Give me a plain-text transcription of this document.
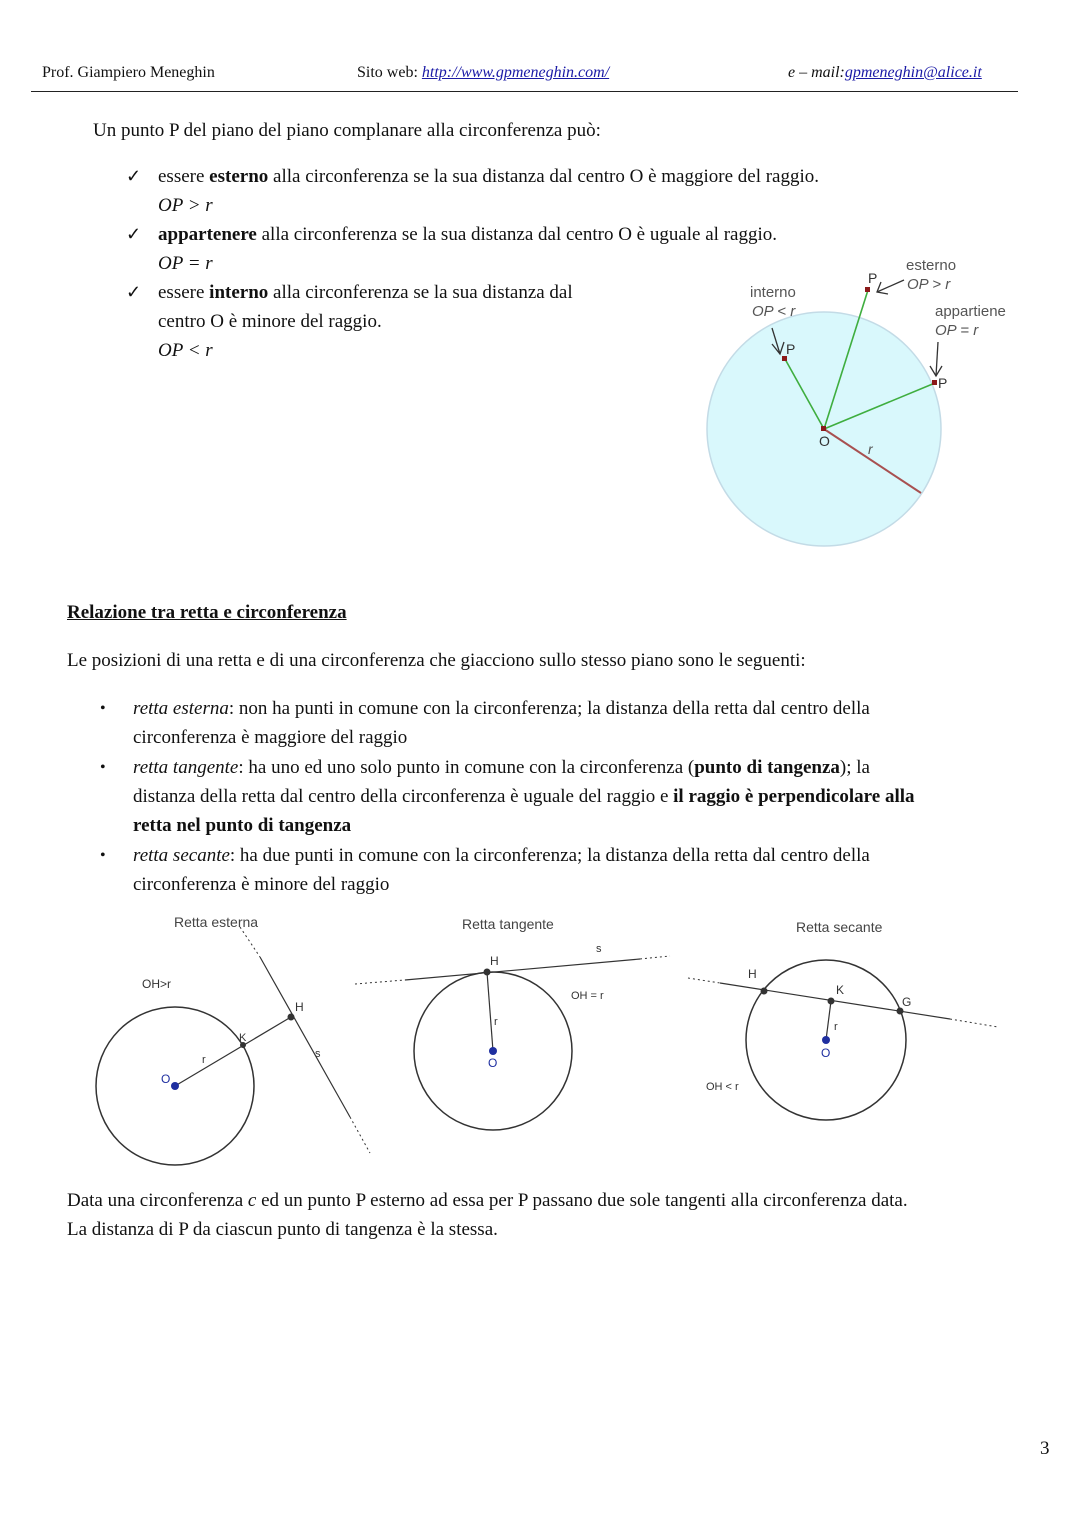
Prof. Giampiero Meneghin	Sito web: http://www.gpmeneghin.com/	e – mail:gpmeneghin@alice.it
Un punto P del piano del piano complanare alla circonferenza può:
✓ essere esterno alla circonferenza se la sua distanza dal centro O è maggiore del raggio.
OP > r
✓ appartenere alla circonferenza se la sua distanza dal centro O è uguale al raggio.
OP = r
✓ essere interno alla circonferenza se la sua distanza dal
centro O è minore del raggio.
OP < r
interno
OP < r
esterno
OP > r
appartiene
OP = r
P
P
P
O	r
Relazione tra retta e circonferenza
Le posizioni di una retta e di una circonferenza che giacciono sullo stesso piano sono le seguenti:
• retta esterna: non ha punti in comune con la circonferenza; la distanza della retta dal centro della
circonferenza è maggiore del raggio
• retta tangente: ha uno ed uno solo punto in comune con la circonferenza (punto di tangenza); la
distanza della retta dal centro della circonferenza è uguale del raggio e il raggio è perpendicolare alla
retta nel punto di tangenza
• retta secante: ha due punti in comune con la circonferenza; la distanza della retta dal centro della
circonferenza è minore del raggio
Retta esterna
OH>r
O
r
K
H
s
Retta tangente
H
s
OH = r
r
O
Retta secante
H
K
G
r
O
OH < r
Data una circonferenza c ed un punto P esterno ad essa per P passano due sole tangenti alla circonferenza data.
La distanza di P da ciascun punto di tangenza è la stessa.
3
